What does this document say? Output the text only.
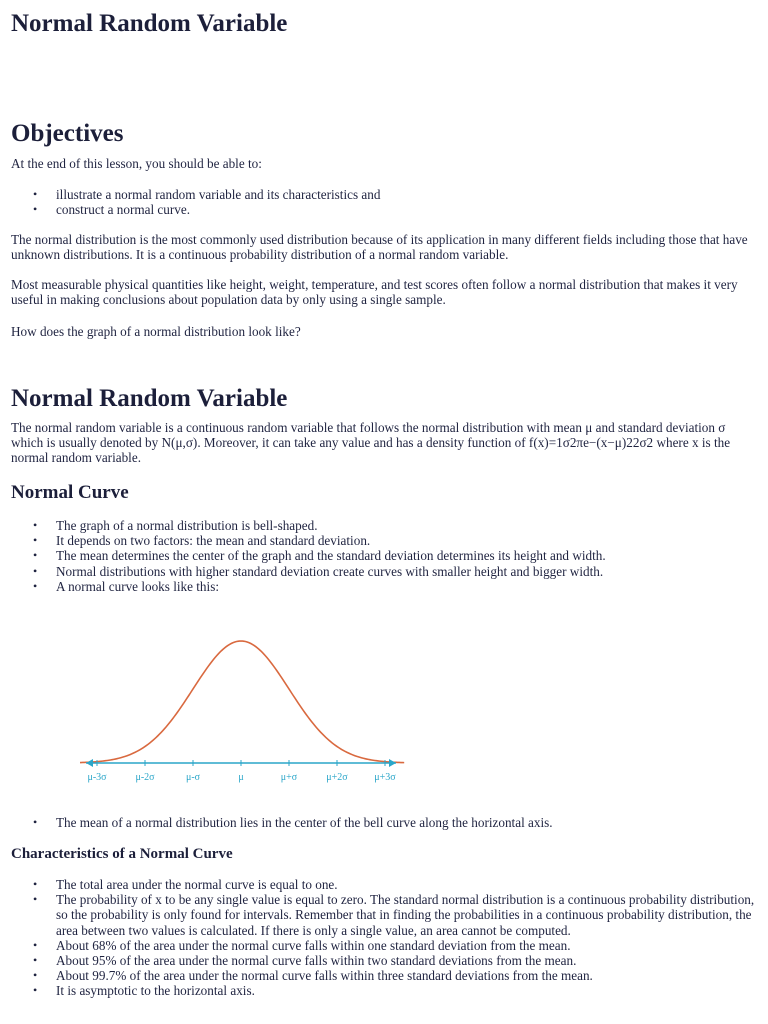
Normal Random Variable
Objectives

At the end of this lesson, you should be able to:

• illustrate a normal random variable and its characteristics and
• construct a normal curve.

The normal distribution is the most commonly used distribution because of its application in many different fields including those that have unknown distributions. It is a continuous probability distribution of a normal random variable.

Most measurable physical quantities like height, weight, temperature, and test scores often follow a normal distribution that makes it very useful in making conclusions about population data by only using a single sample.

How does the graph of a normal distribution look like?

Normal Random Variable

The normal random variable is a continuous random variable that follows the normal distribution with mean μ and standard deviation σ which is usually denoted by N(μ,σ). Moreover, it can take any value and has a density function of f(x)=1σ2πe−(x−μ)22σ2 where x is the normal random variable.

Normal Curve
• The graph of a normal distribution is bell-shaped.
• It depends on two factors: the mean and standard deviation.
• The mean determines the center of the graph and the standard deviation determines its height and width.
• Normal distributions with higher standard deviation create curves with smaller height and bigger width.
• A normal curve looks like this:
μ-3σ	μ-2σ	μ-σ	μ	μ+σ	μ+2σ	μ+3σ
• The mean of a normal distribution lies in the center of the bell curve along the horizontal axis.
Characteristics of a Normal Curve
• The total area under the normal curve is equal to one.
• The probability of x to be any single value is equal to zero. The standard normal distribution is a continuous probability distribution, so the probability is only found for intervals. Remember that in finding the probabilities in a continuous probability distribution, the area between two values is calculated. If there is only a single value, an area cannot be computed.
• About 68% of the area under the normal curve falls within one standard deviation from the mean.
• About 95% of the area under the normal curve falls within two standard deviations from the mean.
• About 99.7% of the area under the normal curve falls within three standard deviations from the mean.
• It is asymptotic to the horizontal axis.
